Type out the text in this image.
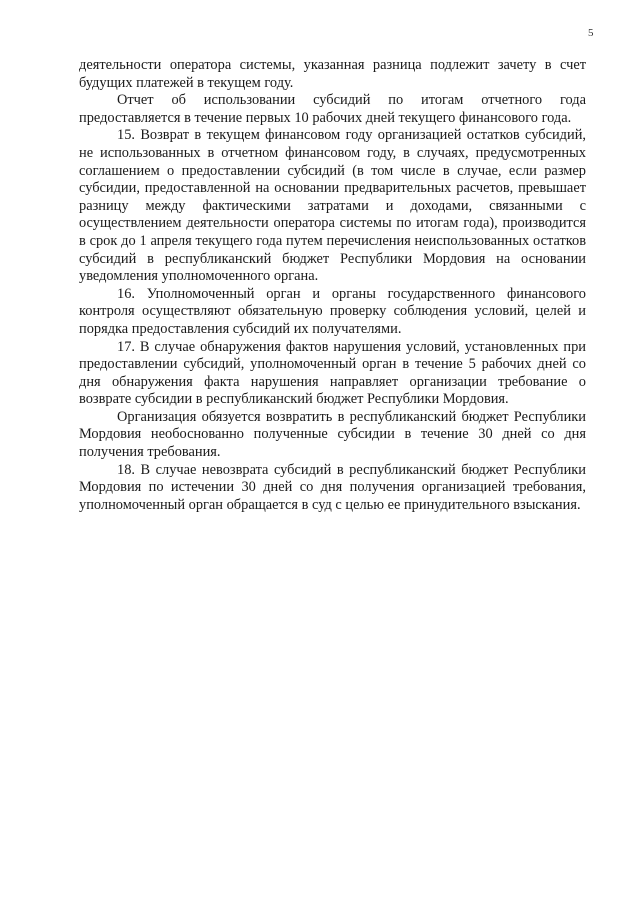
5

деятельности оператора системы, указанная разница подлежит зачету в счет будущих платежей в текущем году.

Отчет об использовании субсидий по итогам отчетного года предоставляется в течение первых 10 рабочих дней текущего финансового года.

15. Возврат в текущем финансовом году организацией остатков субсидий, не использованных в отчетном финансовом году, в случаях, предусмотренных соглашением о предоставлении субсидий (в том числе в случае, если размер субсидии, предоставленной на основании предварительных расчетов, превышает разницу между фактическими затратами и доходами, связанными с осуществлением деятельности оператора системы по итогам года), производится в срок до 1 апреля текущего года путем перечисления неиспользованных остатков субсидий в республиканский бюджет Республики Мордовия на основании уведомления уполномоченного органа.

16. Уполномоченный орган и органы государственного финансового контроля осуществляют обязательную проверку соблюдения условий, целей и порядка предоставления субсидий их получателями.

17. В случае обнаружения фактов нарушения условий, установленных при предоставлении субсидий, уполномоченный орган в течение 5 рабочих дней со дня обнаружения факта нарушения направляет организации требование о возврате субсидии в республиканский бюджет Республики Мордовия.

Организация обязуется возвратить в республиканский бюджет Республики Мордовия необоснованно полученные субсидии в течение 30 дней со дня получения требования.

18. В случае невозврата субсидий в республиканский бюджет Республики Мордовия по истечении 30 дней со дня получения организацией требования, уполномоченный орган обращается в суд с целью ее принудительного взыскания.
